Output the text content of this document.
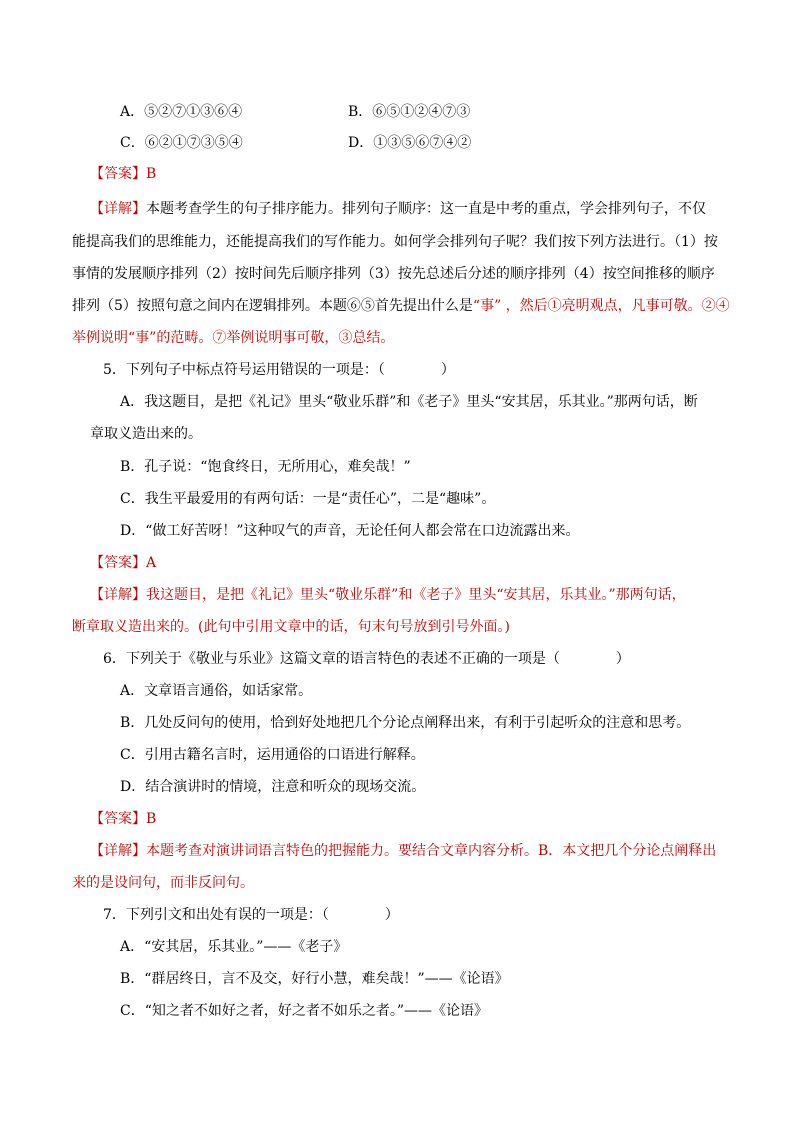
A．⑤②⑦①③⑥④	B．⑥⑤①②④⑦③
C．⑥②①⑦③⑤④	D．①③⑤⑥⑦④②
【答案】B
【详解】本题考查学生的句子排序能力。排列句子顺序：这一直是中考的重点，学会排列句子，不仅
能提高我们的思维能力，还能提高我们的写作能力。如何学会排列句子呢？我们按下列方法进行。（1）按
事情的发展顺序排列（2）按时间先后顺序排列（3）按先总述后分述的顺序排列（4）按空间推移的顺序
排列（5）按照句意之间内在逻辑排列。本题⑥⑤首先提出什么是“事” ，然后①亮明观点，凡事可敬。②④
举例说明“事”的范畴。⑦举例说明事可敬，③总结。
5．下列句子中标点符号运用错误的一项是：（　　　　）
A．我这题目，是把《礼记》里头“敬业乐群”和《老子》里头“安其居，乐其业。”那两句话，断
章取义造出来的。
B．孔子说：“饱食终日，无所用心，难矣哉！”
C．我生平最爱用的有两句话：一是“责任心”，二是“趣味”。
D．“做工好苦呀！”这种叹气的声音，无论任何人都会常在口边流露出来。
【答案】A
【详解】我这题目，是把《礼记》里头“敬业乐群”和《老子》里头“安其居，乐其业。”那两句话，
断章取义造出来的。(此句中引用文章中的话，句末句号放到引号外面。)
6．下列关于《敬业与乐业》这篇文章的语言特色的表述不正确的一项是（　　　　）
A．文章语言通俗，如话家常。
B．几处反问句的使用，恰到好处地把几个分论点阐释出来，有利于引起听众的注意和思考。
C．引用古籍名言时，运用通俗的口语进行解释。
D．结合演讲时的情境，注意和听众的现场交流。
【答案】B
【详解】本题考查对演讲词语言特色的把握能力。要结合文章内容分析。B．本文把几个分论点阐释出
来的是设问句，而非反问句。
7．下列引文和出处有误的一项是：（　　　　）
A．“安其居，乐其业。”——《老子》
B．“群居终日，言不及交，好行小慧，难矣哉！”——《论语》
C．“知之者不如好之者，好之者不如乐之者。”——《论语》
